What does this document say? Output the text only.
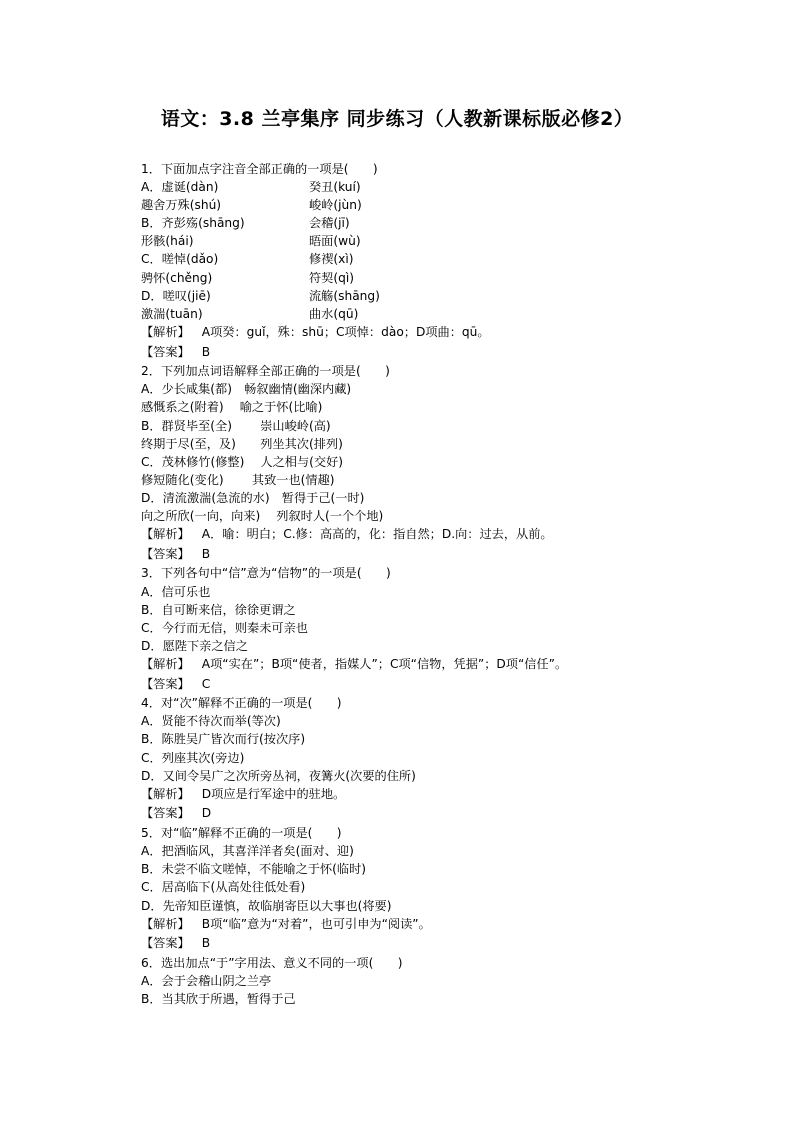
语文：3.8 兰亭集序 同步练习（人教新课标版必修2）
1．下面加点字注音全部正确的一项是(　　)
A．虚诞(dàn)	癸丑(kuí)
趣舍万殊(shú)	峻岭(jùn)
B．齐彭殇(shāng)	会稽(jī)
形骸(hái)	晤面(wù)
C．嗟悼(dǎo)	修禊(xì)
骋怀(chěng)	符契(qì)
D．嗟叹(jiē)	流觞(shāng)
激湍(tuān)	曲水(qū)
【解析】 A项癸：guǐ，殊：shū；C项悼：dào；D项曲：qū。
【答案】 B
2．下列加点词语解释全部正确的一项是(　　)
A．少长咸集(都)　畅叙幽情(幽深内藏)
感慨系之(附着)　 喻之于怀(比喻)
B．群贤毕至(全)　　 崇山峻岭(高)
终期于尽(至，及)　　列坐其次(排列)
C．茂林修竹(修整)　 人之相与(交好)
修短随化(变化)　　 其致一也(情趣)
D．清流激湍(急流的水)　暂得于己(一时)
向之所欣(一向，向来)　 列叙时人(一个个地)
【解析】 A．喻：明白；C.修：高高的，化：指自然；D.向：过去，从前。
【答案】 B
3．下列各句中“信”意为“信物”的一项是(　　)
A．信可乐也
B．自可断来信，徐徐更谓之
C．今行而无信，则秦未可亲也
D．愿陛下亲之信之
【解析】 A项“实在”；B项“使者，指媒人”；C项“信物，凭据”；D项“信任”。
【答案】 C
4．对“次”解释不正确的一项是(　　)
A．贤能不待次而举(等次)
B．陈胜吴广皆次而行(按次序)
C．列座其次(旁边)
D．又间令吴广之次所旁丛祠，夜篝火(次要的住所)
【解析】 D项应是行军途中的驻地。
【答案】 D
5．对“临”解释不正确的一项是(　　)
A．把酒临风，其喜洋洋者矣(面对、迎)
B．未尝不临文嗟悼，不能喻之于怀(临时)
C．居高临下(从高处往低处看)
D．先帝知臣谨慎，故临崩寄臣以大事也(将要)
【解析】 B项“临”意为“对着”，也可引申为“阅读”。
【答案】 B
6．选出加点“于”字用法、意义不同的一项(　　)
A．会于会稽山阴之兰亭
B．当其欣于所遇，暂得于己
